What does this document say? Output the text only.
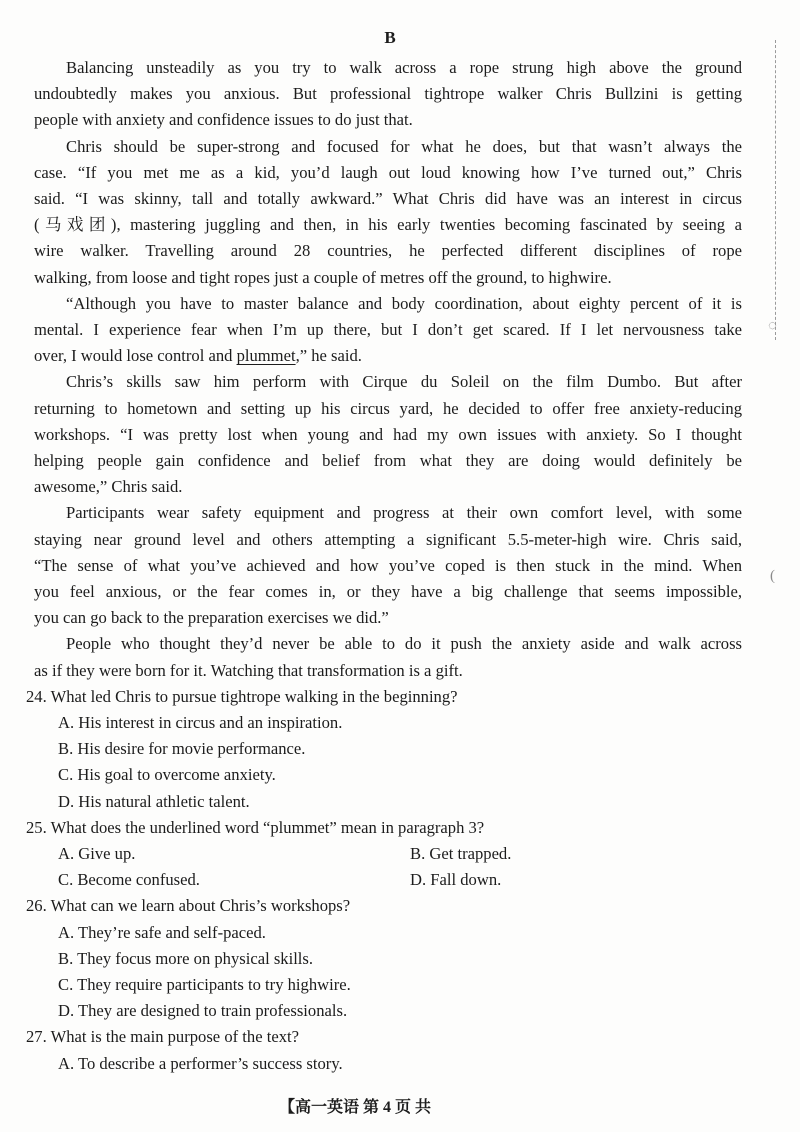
◌
(
B
Balancing unsteadily as you try to walk across a rope strung high above the ground
undoubtedly makes you anxious. But professional tightrope walker Chris Bullzini is getting
people with anxiety and confidence issues to do just that.
Chris should be super-strong and focused for what he does, but that wasn’t always the
case. “If you met me as a kid, you’d laugh out loud knowing how I’ve turned out,” Chris
said. “I was skinny, tall and totally awkward.” What Chris did have was an interest in circus
(马戏团), mastering juggling and then, in his early twenties becoming fascinated by seeing a
wire walker. Travelling around 28 countries, he perfected different disciplines of rope
walking, from loose and tight ropes just a couple of metres off the ground, to highwire.
“Although you have to master balance and body coordination, about eighty percent of it is
mental. I experience fear when I’m up there, but I don’t get scared. If I let nervousness take
over, I would lose control and plummet,” he said.
Chris’s skills saw him perform with Cirque du Soleil on the film Dumbo. But after
returning to hometown and setting up his circus yard, he decided to offer free anxiety-reducing
workshops. “I was pretty lost when young and had my own issues with anxiety. So I thought
helping people gain confidence and belief from what they are doing would definitely be
awesome,” Chris said.
Participants wear safety equipment and progress at their own comfort level, with some
staying near ground level and others attempting a significant 5.5-meter-high wire. Chris said,
“The sense of what you’ve achieved and how you’ve coped is then stuck in the mind. When
you feel anxious, or the fear comes in, or they have a big challenge that seems impossible,
you can go back to the preparation exercises we did.”
People who thought they’d never be able to do it push the anxiety aside and walk across
as if they were born for it. Watching that transformation is a gift.
24. What led Chris to pursue tightrope walking in the beginning?
A. His interest in circus and an inspiration.
B. His desire for movie performance.
C. His goal to overcome anxiety.
D. His natural athletic talent.
25. What does the underlined word “plummet” mean in paragraph 3?
A. Give up.	B. Get trapped.
C. Become confused.	D. Fall down.
26. What can we learn about Chris’s workshops?
A. They’re safe and self-paced.
B. They focus more on physical skills.
C. They require participants to try highwire.
D. They are designed to train professionals.
27. What is the main purpose of the text?
A. To describe a performer’s success story.
【高一英语 第 4 页 共
